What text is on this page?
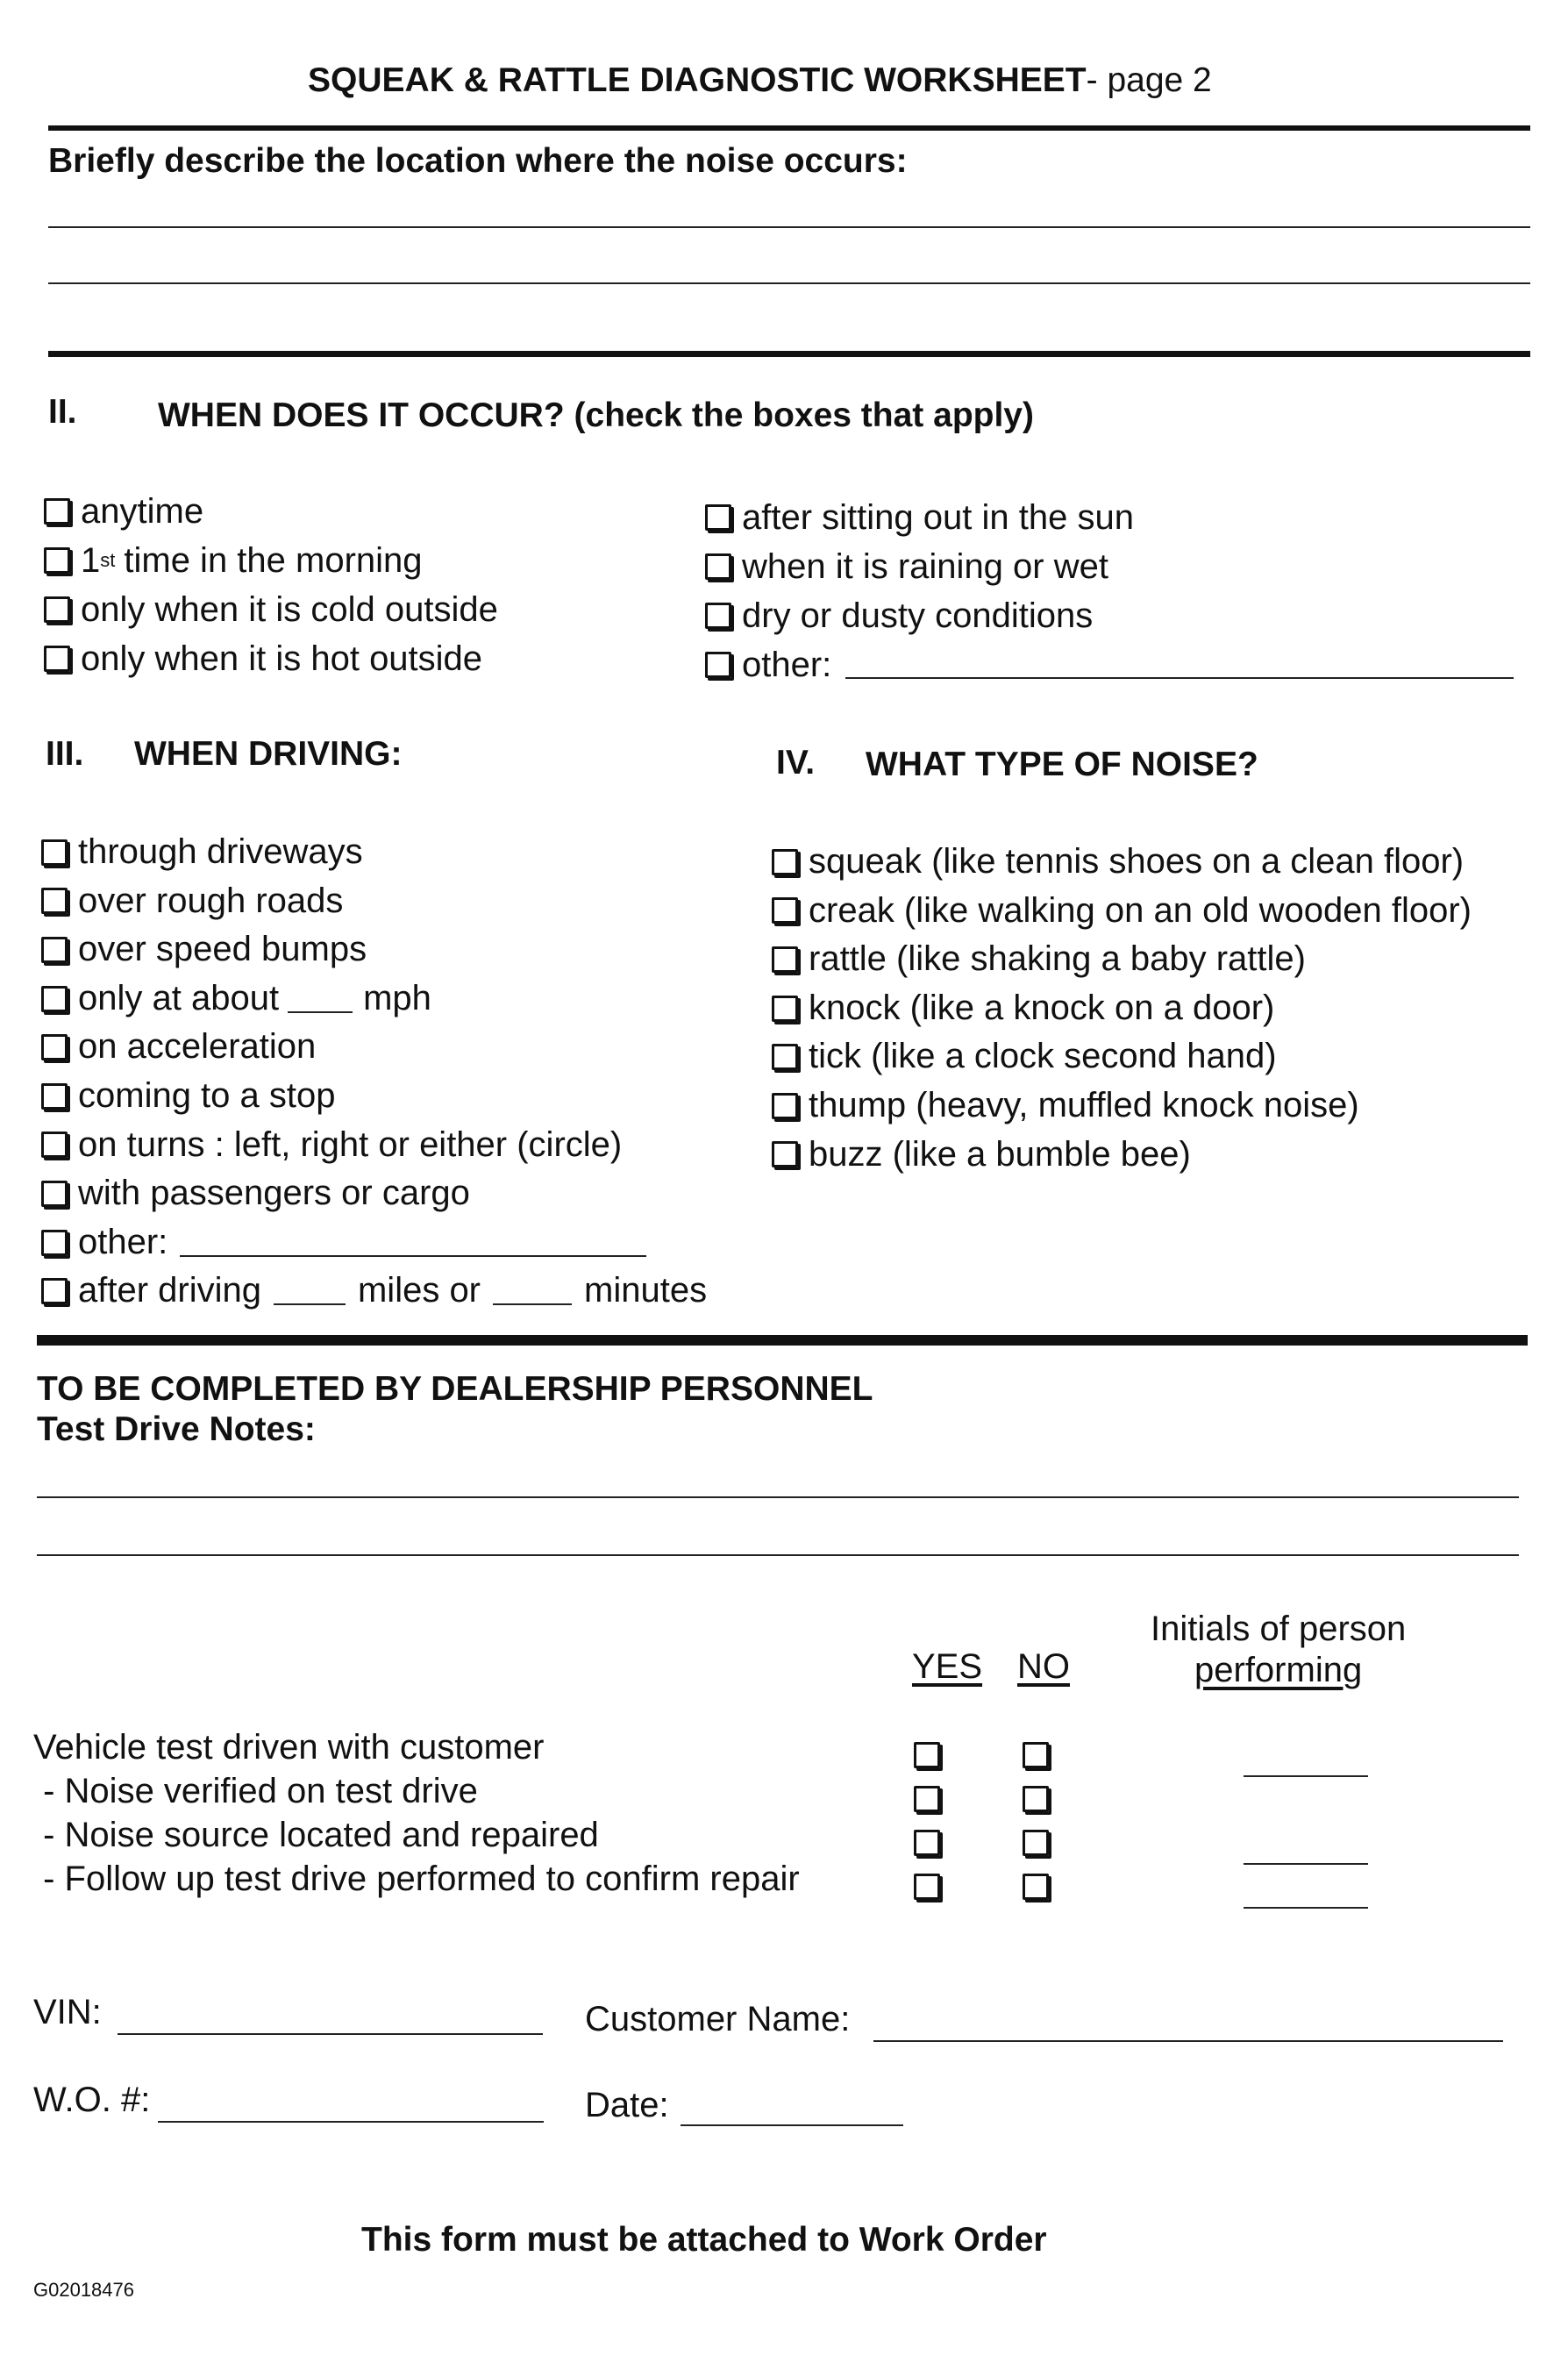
SQUEAK & RATTLE DIAGNOSTIC WORKSHEET- page 2
Briefly describe the location where the noise occurs:
II. WHEN DOES IT OCCUR? (check the boxes that apply)
anytime
1 st time in the morning
only when it is cold outside
only when it is hot outside
after sitting out in the sun
when it is raining or wet
dry or dusty conditions
other:
III. WHEN DRIVING:
through driveways
over rough roads
over speed bumps
only at about mph
on acceleration
coming to a stop
on turns : left, right or either (circle)
with passengers or cargo
other:
after driving	miles or	minutes
IV. WHAT TYPE OF NOISE?
squeak (like tennis shoes on a clean floor)
creak (like walking on an old wooden floor)
rattle (like shaking a baby rattle)
knock (like a knock on a door)
tick (like a clock second hand)
thump (heavy, muffled knock noise)
buzz (like a bumble bee)
TO BE COMPLETED BY DEALERSHIP PERSONNEL
Test Drive Notes:
Initials of person
performing
YES NO
Vehicle test driven with customer
- Noise verified on test drive
- Noise source located and repaired
- Follow up test drive performed to confirm repair
VIN:	Customer Name:
W.O. #:	Date:
This form must be attached to Work Order
G02018476
